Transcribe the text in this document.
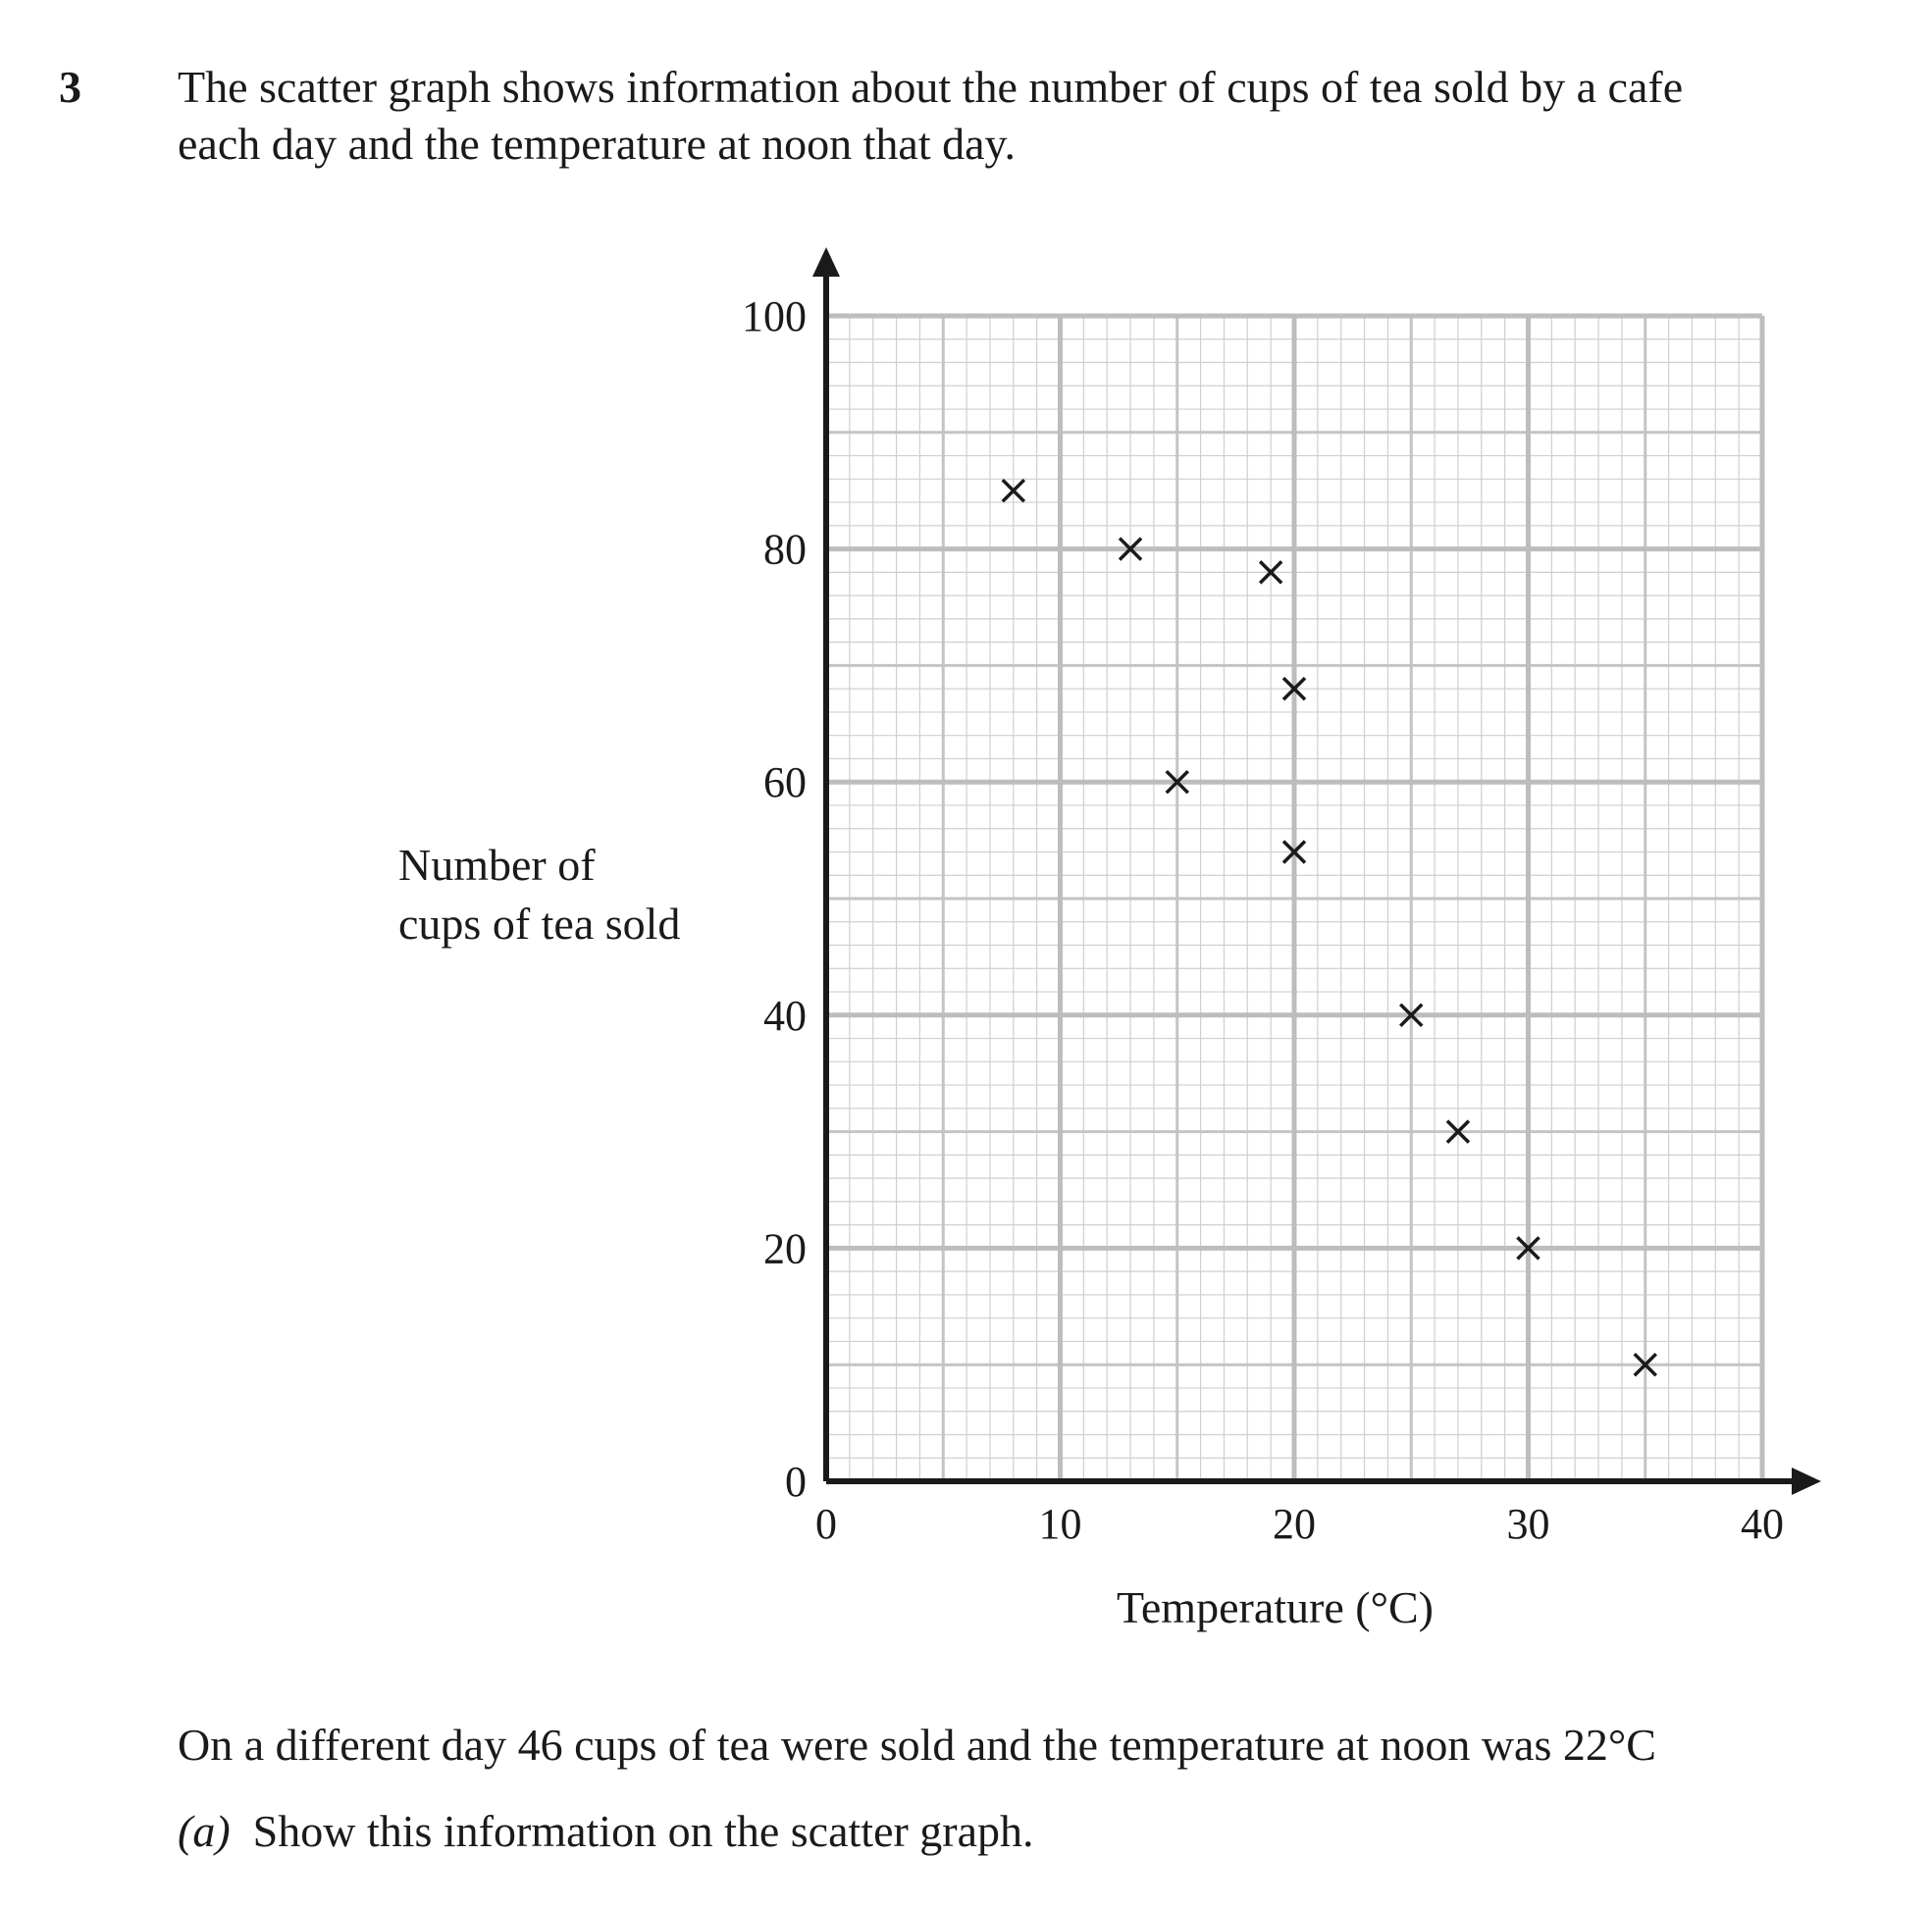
3 The scatter graph shows information about the number of cups of tea sold by a cafe
each day and the temperature at noon that day.
0	10	20	30	40
0
20
40
60
80
100
Number of
cups of tea sold
Temperature (°C)
On a different day 46 cups of tea were sold and the temperature at noon was 22°C
(a) Show this information on the scatter graph.
